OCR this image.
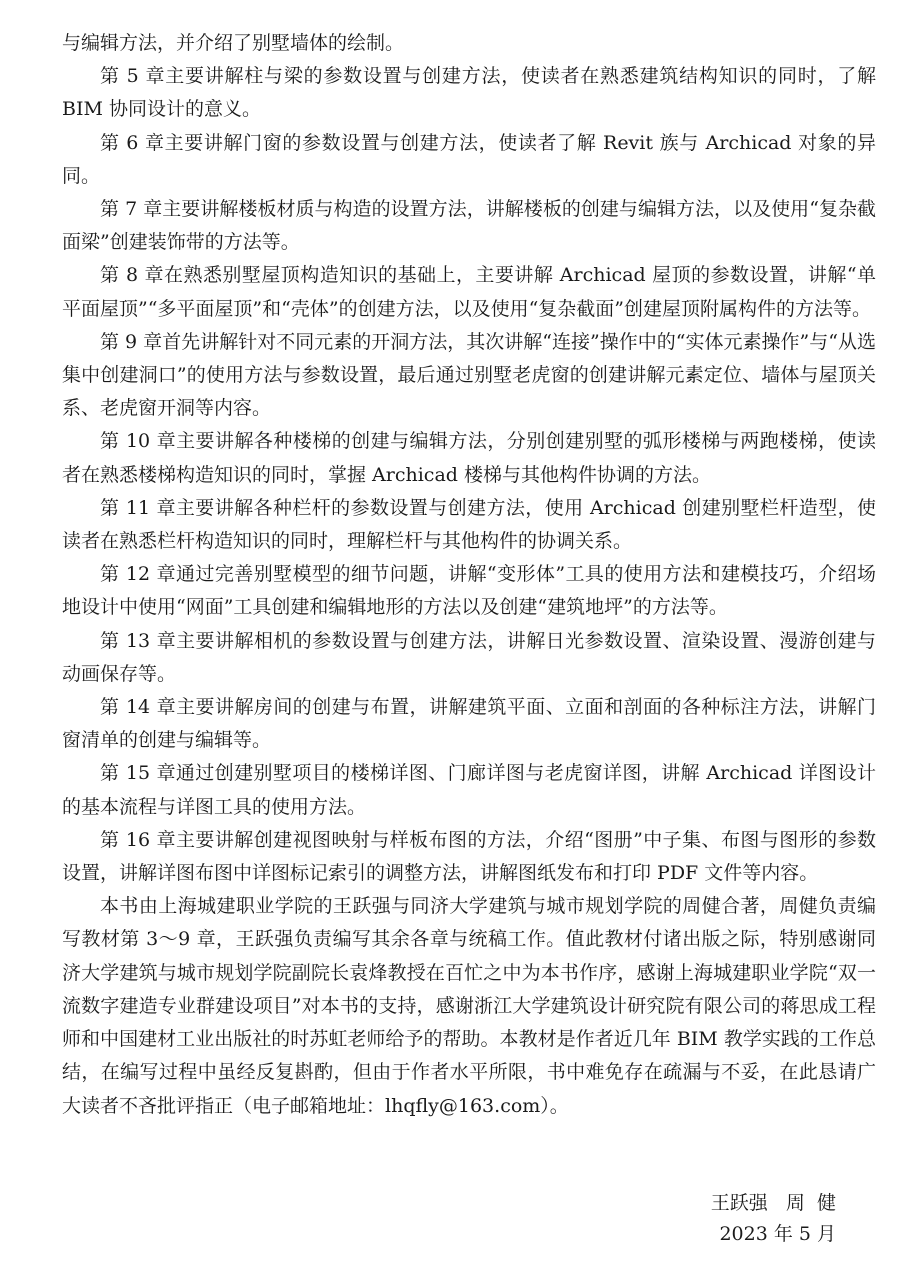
与编辑方法，并介绍了别墅墙体的绘制。

第 5 章主要讲解柱与梁的参数设置与创建方法，使读者在熟悉建筑结构知识的同时，了解 BIM 协同设计的意义。

第 6 章主要讲解门窗的参数设置与创建方法，使读者了解 Revit 族与 Archicad 对象的异同。

第 7 章主要讲解楼板材质与构造的设置方法，讲解楼板的创建与编辑方法，以及使用“复杂截面梁”创建装饰带的方法等。

第 8 章在熟悉别墅屋顶构造知识的基础上，主要讲解 Archicad 屋顶的参数设置，讲解“单平面屋顶”“多平面屋顶”和“壳体”的创建方法，以及使用“复杂截面”创建屋顶附属构件的方法等。

第 9 章首先讲解针对不同元素的开洞方法，其次讲解“连接”操作中的“实体元素操作”与“从选集中创建洞口”的使用方法与参数设置，最后通过别墅老虎窗的创建讲解元素定位、墙体与屋顶关系、老虎窗开洞等内容。

第 10 章主要讲解各种楼梯的创建与编辑方法，分别创建别墅的弧形楼梯与两跑楼梯，使读者在熟悉楼梯构造知识的同时，掌握 Archicad 楼梯与其他构件协调的方法。

第 11 章主要讲解各种栏杆的参数设置与创建方法，使用 Archicad 创建别墅栏杆造型，使读者在熟悉栏杆构造知识的同时，理解栏杆与其他构件的协调关系。

第 12 章通过完善别墅模型的细节问题，讲解“变形体”工具的使用方法和建模技巧，介绍场地设计中使用“网面”工具创建和编辑地形的方法以及创建“建筑地坪”的方法等。

第 13 章主要讲解相机的参数设置与创建方法，讲解日光参数设置、渲染设置、漫游创建与动画保存等。

第 14 章主要讲解房间的创建与布置，讲解建筑平面、立面和剖面的各种标注方法，讲解门窗清单的创建与编辑等。

第 15 章通过创建别墅项目的楼梯详图、门廊详图与老虎窗详图，讲解 Archicad 详图设计的基本流程与详图工具的使用方法。

第 16 章主要讲解创建视图映射与样板布图的方法，介绍“图册”中子集、布图与图形的参数设置，讲解详图布图中详图标记索引的调整方法，讲解图纸发布和打印 PDF 文件等内容。

本书由上海城建职业学院的王跃强与同济大学建筑与城市规划学院的周健合著，周健负责编写教材第 3～9 章，王跃强负责编写其余各章与统稿工作。值此教材付诸出版之际，特别感谢同济大学建筑与城市规划学院副院长袁烽教授在百忙之中为本书作序，感谢上海城建职业学院“双一流数字建造专业群建设项目”对本书的支持，感谢浙江大学建筑设计研究院有限公司的蒋思成工程师和中国建材工业出版社的时苏虹老师给予的帮助。本教材是作者近几年 BIM 教学实践的工作总结，在编写过程中虽经反复斟酌，但由于作者水平所限，书中难免存在疏漏与不妥，在此恳请广大读者不吝批评指正（电子邮箱地址：lhqfly@163.com）。

王跃强   周  健
2023 年 5 月
